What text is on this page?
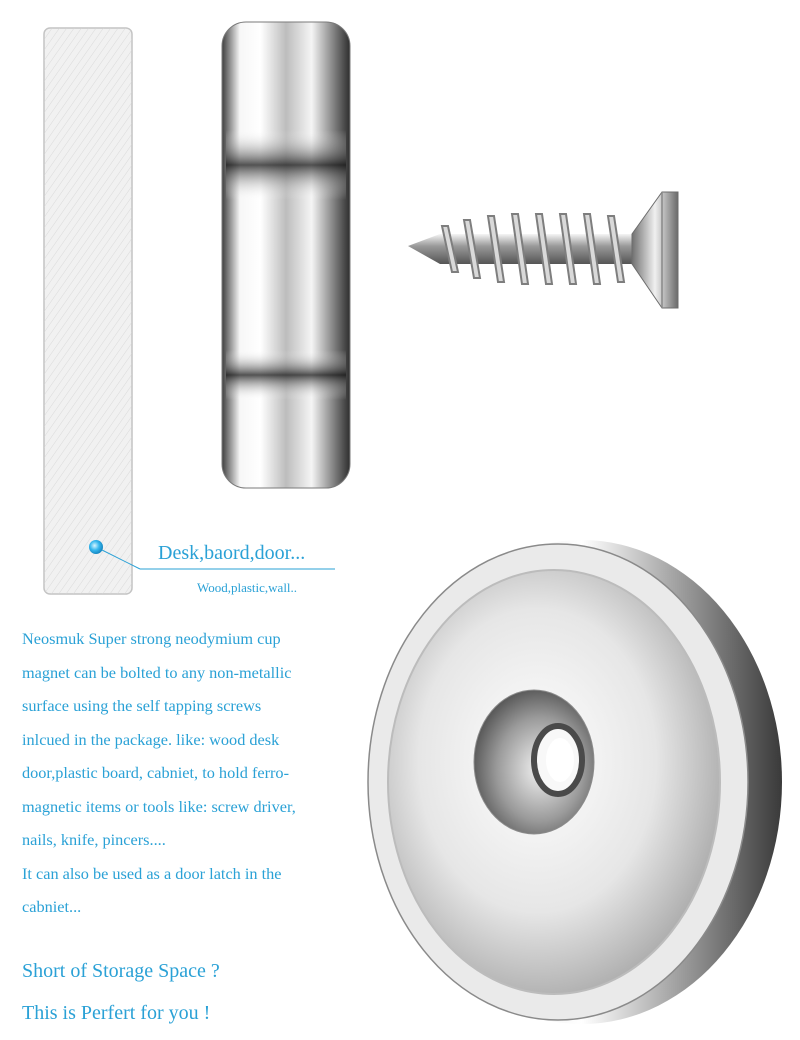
Desk,baord,door...
Wood,plastic,wall..
Neosmuk Super strong neodymium cup
magnet can be bolted to any non-metallic
surface using the self tapping screws
inlcued in the package. like: wood desk
door,plastic board, cabniet, to hold ferro-
magnetic items or tools like: screw driver,
nails, knife, pincers....
It can also be used as a door latch in the
cabniet...
Short of Storage Space ?
This is Perfert for you !
